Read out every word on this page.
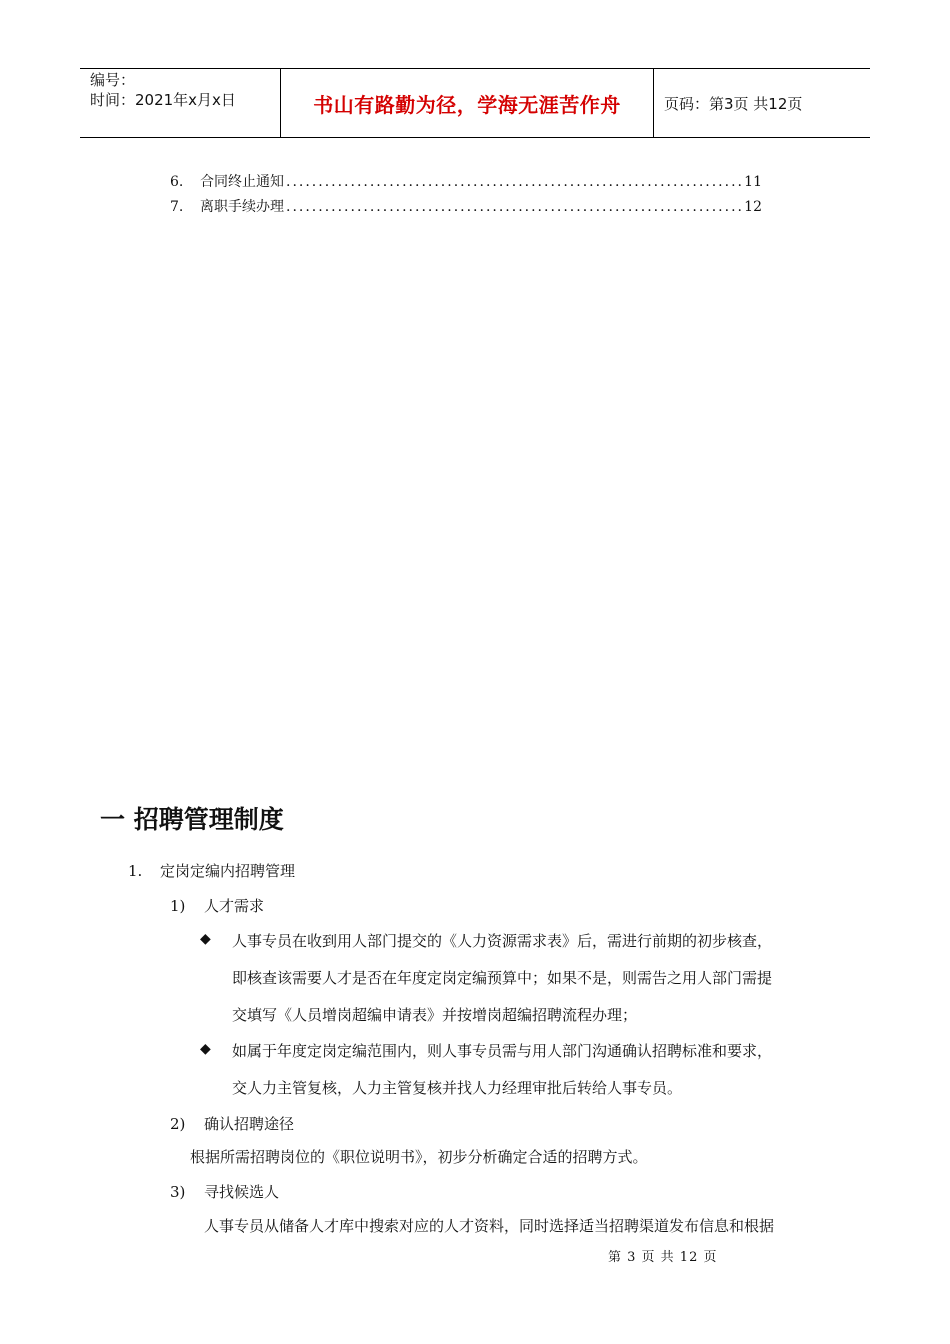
编号：
时间：2021年x月x日	书山有路勤为径，学海无涯苦作舟	页码：第3页 共12页
6.	合同终止通知 .....	11
7.	离职手续办理 .....	12
一 招聘管理制度
1. 定岗定编内招聘管理
1) 人才需求
◆ 人事专员在收到用人部门提交的《人力资源需求表》后，需进行前期的初步核查，
即核查该需要人才是否在年度定岗定编预算中；如果不是，则需告之用人部门需提
交填写《人员增岗超编申请表》并按增岗超编招聘流程办理；
◆ 如属于年度定岗定编范围内，则人事专员需与用人部门沟通确认招聘标准和要求，
交人力主管复核，人力主管复核并找人力经理审批后转给人事专员。
2) 确认招聘途径
根据所需招聘岗位的《职位说明书》，初步分析确定合适的招聘方式。
3) 寻找候选人
人事专员从储备人才库中搜索对应的人才资料，同时选择适当招聘渠道发布信息和根据
第 3 页 共 12 页
